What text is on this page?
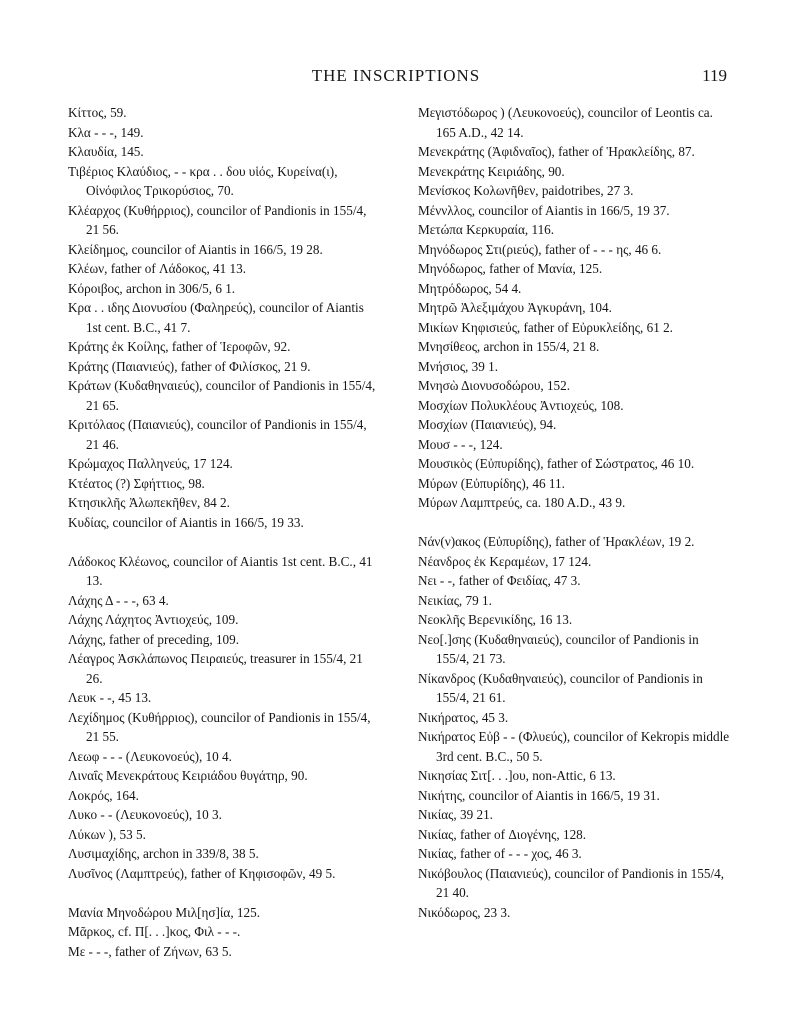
THE INSCRIPTIONS	119
Κίττος, 59.
Κλα - - -, 149.
Κλαυδία, 145.
Τιβέριος Κλαύδιος, - - κρα . . δου υἱός, Κυρείνα(ι), Οἰνόφιλος Τρικορύσιος, 70.
Κλέαρχος (Κυθήρριος), councilor of Pandionis in 155/4, 21 56.
Κλείδημος, councilor of Aiantis in 166/5, 19 28.
Κλέων, father of Λάδοκος, 41 13.
Κόροιβος, archon in 306/5, 6 1.
Κρα . . ιδης Διονυσίου (Φαληρεύς), councilor of Aiantis 1st cent. B.C., 41 7.
Κράτης ἐκ Κοίλης, father of Ἱεροφῶν, 92.
Κράτης (Παιανιεύς), father of Φιλίσκος, 21 9.
Κράτων (Κυδαθηναιεύς), councilor of Pandionis in 155/4, 21 65.
Κριτόλαος (Παιανιεύς), councilor of Pandionis in 155/4, 21 46.
Κρώμαχος Παλληνεύς, 17 124.
Κτέατος (?) Σφήττιος, 98.
Κτησικλῆς Ἀλωπεκῆθεν, 84 2.
Κυδίας, councilor of Aiantis in 166/5, 19 33.
Λάδοκος Κλέωνος, councilor of Aiantis 1st cent. B.C., 41 13.
Λάχης Δ - - -, 63 4.
Λάχης Λάχητος Ἀντιοχεύς, 109.
Λάχης, father of preceding, 109.
Λέαγρος Ἀσκλάπωνος Πειραιεύς, treasurer in 155/4, 21 26.
Λευκ - -, 45 13.
Λεχίδημος (Κυθήρριος), councilor of Pandionis in 155/4, 21 55.
Λεωφ - - - (Λευκονοεύς), 10 4.
Λιναΐς Μενεκράτους Κειριάδου θυγάτηρ, 90.
Λοκρός, 164.
Λυκο - - (Λευκονοεύς), 10 3.
Λύκων ), 53 5.
Λυσιμαχίδης, archon in 339/8, 38 5.
Λυσῖνος (Λαμπτρεύς), father of Κηφισοφῶν, 49 5.
Μανία Μηνοδώρου Μιλ[ησ]ία, 125.
Μᾶρκος, cf. Π[. . .]κος, Φιλ - - -.
Με - - -, father of Ζήνων, 63 5.
Μεγιστόδωρος ) (Λευκονοεύς), councilor of Leontis ca. 165 A.D., 42 14.
Μενεκράτης (Ἀφιδναῖος), father of Ἡρακλείδης, 87.
Μενεκράτης Κειριάδης, 90.
Μενίσκος Κολωνῆθεν, paidotribes, 27 3.
Μέννλλος, councilor of Aiantis in 166/5, 19 37.
Μετώπα Κερκυραία, 116.
Μηνόδωρος Στι(ριεύς), father of - - - ης, 46 6.
Μηνόδωρος, father of Μανία, 125.
Μητρόδωρος, 54 4.
Μητρῶ Ἀλεξιμάχου Ἀγκυράνη, 104.
Μικίων Κηφισιεύς, father of Εὐρυκλείδης, 61 2.
Μνησίθεος, archon in 155/4, 21 8.
Μνήσιος, 39 1.
Μνησὼ Διονυσοδώρου, 152.
Μοσχίων Πολυκλέους Ἀντιοχεύς, 108.
Μοσχίων (Παιανιεύς), 94.
Μουσ - - -, 124.
Μουσικὸς (Εὐπυρίδης), father of Σώστρατος, 46 10.
Μύρων (Εὐπυρίδης), 46 11.
Μύρων Λαμπτρεύς, ca. 180 A.D., 43 9.
Νάν(ν)ακος (Εὐπυρίδης), father of Ἡρακλέων, 19 2.
Νέανδρος ἐκ Κεραμέων, 17 124.
Νει - -, father of Φειδίας, 47 3.
Νεικίας, 79 1.
Νεοκλῆς Βερενικίδης, 16 13.
Νεο[.]σης (Κυδαθηναιεύς), councilor of Pandionis in 155/4, 21 73.
Νίκανδρος (Κυδαθηναιεύς), councilor of Pandionis in 155/4, 21 61.
Νικήρατος, 45 3.
Νικήρατος Εὐβ - - (Φλυεύς), councilor of Kekropis middle 3rd cent. B.C., 50 5.
Νικησίας Σιτ[. . .]ου, non-Attic, 6 13.
Νικήτης, councilor of Aiantis in 166/5, 19 31.
Νικίας, 39 21.
Νικίας, father of Διογένης, 128.
Νικίας, father of - - - χος, 46 3.
Νικόβουλος (Παιανιεύς), councilor of Pandionis in 155/4, 21 40.
Νικόδωρος, 23 3.
